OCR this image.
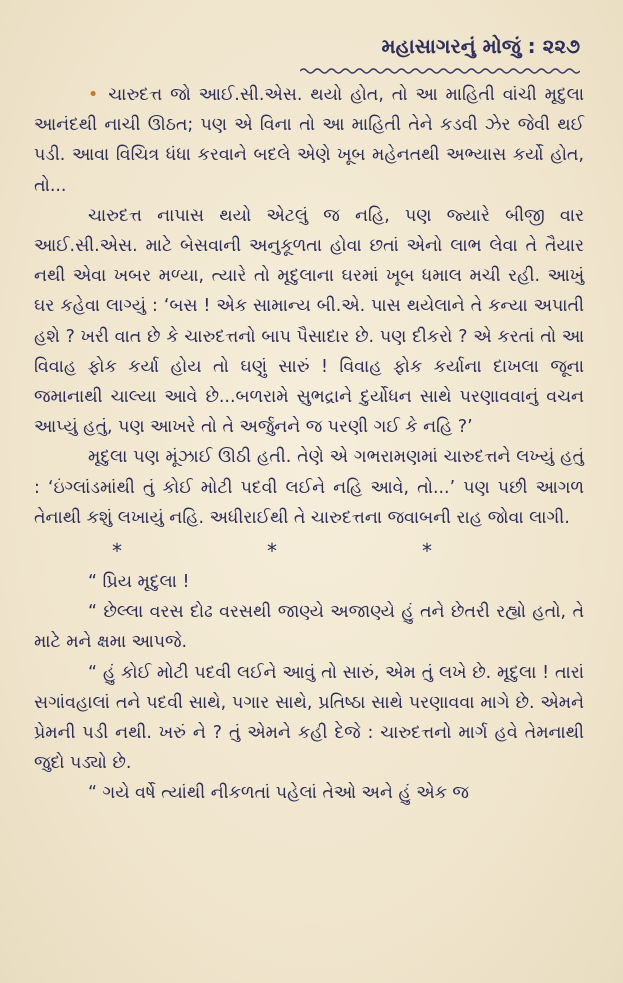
મહાસાગરનું મોજું : ૨૨૭

• ચારુદત્ત જો આઈ.સી.એસ. થયો હોત, તો આ માહિતી વાંચી મૃદુલા આનંદથી નાચી ઊઠત; પણ એ વિના તો આ માહિતી તેને કડવી ઝેર જેવી થઈ પડી. આવા વિચિત્ર ધંધા કરવાને બદલે એણે ખૂબ મહેનતથી અભ્યાસ કર્યો હોત, તો...

ચારુદત્ત નાપાસ થયો એટલું જ નહિ, પણ જ્યારે બીજી વાર આઈ.સી.એસ. માટે બેસવાની અનુકૂળતા હોવા છતાં એનો લાભ લેવા તે તૈયાર નથી એવા ખબર મળ્યા, ત્યારે તો મૃદુલાના ઘરમાં ખૂબ ધમાલ મચી રહી. આખું ઘર કહેવા લાગ્યું : ‘બસ ! એક સામાન્ય બી.એ. પાસ થયેલાને તે કન્યા અપાતી હશે ? ખરી વાત છે કે ચારુદત્તનો બાપ પૈસાદાર છે. પણ દીકરો ? એ કરતાં તો આ વિવાહ ફોક કર્યા હોય તો ઘણું સારું ! વિવાહ ફોક કર્યાના દાખલા જૂના જમાનાથી ચાલ્યા આવે છે...બળરામે સુભદ્રાને દુર્યોધન સાથે પરણાવવાનું વચન આપ્યું હતું, પણ આખરે તો તે અર્જુનને જ પરણી ગઈ કે નહિ ?’

મૃદુલા પણ મૂંઝાઈ ઊઠી હતી. તેણે એ ગભરામણમાં ચારુદત્તને લખ્યું હતું : ‘ઇંગ્લાંડમાંથી તું કોઈ મોટી પદવી લઈને નહિ આવે, તો...’ પણ પછી આગળ તેનાથી કશું લખાયું નહિ. અધીરાઈથી તે ચારુદત્તના જવાબની રાહ જોવા લાગી.

*	*	*

“ પ્રિય મૃદુલા !

“ છેલ્લા વરસ દોઢ વરસથી જાણ્યે અજાણ્યે હું તને છેતરી રહ્યો હતો, તે માટે મને ક્ષમા આપજે.

“ હું કોઈ મોટી પદવી લઈને આવું તો સારું, એમ તું લખે છે. મૃદુલા ! તારાં સગાંવહાલાં તને પદવી સાથે, પગાર સાથે, પ્રતિષ્ઠા સાથે પરણાવવા માગે છે. એમને પ્રેમની પડી નથી. ખરું ને ? તું એમને કહી દેજે : ચારુદત્તનો માર્ગ હવે તેમનાથી જુદો પડ્યો છે.

“ ગયે વર્ષે ત્યાંથી નીકળતાં પહેલાં તેઓ અને હું એક જ
